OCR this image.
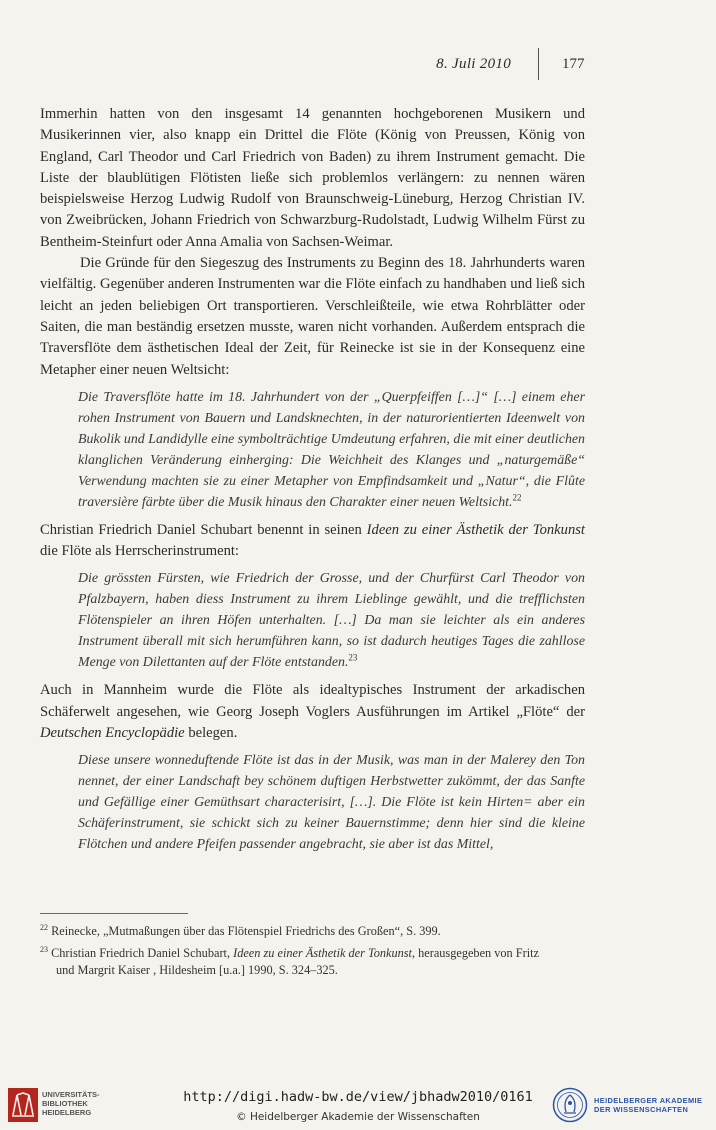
8. Juli 2010	177

Immerhin hatten von den insgesamt 14 genannten hochgeborenen Musikern und Musikerinnen vier, also knapp ein Drittel die Flöte (König von Preussen, König von England, Carl Theodor und Carl Friedrich von Baden) zu ihrem Instrument gemacht. Die Liste der blaublütigen Flötisten ließe sich problemlos verlängern: zu nennen wären beispielsweise Herzog Ludwig Rudolf von Braunschweig-Lüneburg, Herzog Christian IV. von Zweibrücken, Johann Friedrich von Schwarzburg-Rudolstadt, Ludwig Wilhelm Fürst zu Bentheim-Steinfurt oder Anna Amalia von Sachsen-Weimar.

Die Gründe für den Siegeszug des Instruments zu Beginn des 18. Jahrhunderts waren vielfältig. Gegenüber anderen Instrumenten war die Flöte einfach zu handhaben und ließ sich leicht an jeden beliebigen Ort transportieren. Verschleißteile, wie etwa Rohrblätter oder Saiten, die man beständig ersetzen musste, waren nicht vorhanden. Außerdem entsprach die Traversflöte dem ästhetischen Ideal der Zeit, für Reinecke ist sie in der Konsequenz eine Metapher einer neuen Weltsicht:

Die Traversflöte hatte im 18. Jahrhundert von der „Querpfeiffen […]“ […] einem eher rohen Instrument von Bauern und Landsknechten, in der naturorientierten Ideenwelt von Bukolik und Landidylle eine symbolträchtige Umdeutung erfahren, die mit einer deutlichen klanglichen Veränderung einherging: Die Weichheit des Klanges und „naturgemäße“ Verwendung machten sie zu einer Metapher von Empfindsamkeit und „Natur“, die Flûte traversière färbte über die Musik hinaus den Charakter einer neuen Weltsicht.$^{22}$

Christian Friedrich Daniel Schubart benennt in seinen Ideen zu einer Ästhetik der Tonkunst die Flöte als Herrscherinstrument:

Die grössten Fürsten, wie Friedrich der Grosse, und der Churfürst Carl Theodor von Pfalzbayern, haben diess Instrument zu ihrem Lieblinge gewählt, und die trefflichsten Flötenspieler an ihren Höfen unterhalten. […] Da man sie leichter als ein anderes Instrument überall mit sich herumführen kann, so ist dadurch heutiges Tages die zahllose Menge von Dilettanten auf der Flöte entstanden.$^{23}$

Auch in Mannheim wurde die Flöte als idealtypisches Instrument der arkadischen Schäferwelt angesehen, wie Georg Joseph Voglers Ausführungen im Artikel „Flöte“ der Deutschen Encyclopädie belegen.

Diese unsere wonneduftende Flöte ist das in der Musik, was man in der Malerey den Ton nennet, der einer Landschaft bey schönem duftigen Herbstwetter zukömmt, der das Sanfte und Gefällige einer Gemüthsart characterisirt, […]. Die Flöte ist kein Hirten= aber ein Schäferinstrument, sie schickt sich zu keiner Bauernstimme; denn hier sind die kleine Flötchen und andere Pfeifen passender angebracht, sie aber ist das Mittel,

$^{22}$ Reinecke, „Mutmaßungen über das Flötenspiel Friedrichs des Großen“, S. 399.

$^{23}$ Christian Friedrich Daniel Schubart, Ideen zu einer Ästhetik der Tonkunst, herausgegeben von Fritz

und Margrit Kaiser , Hildesheim [u.a.] 1990, S. 324–325.

UNIVERSITÄTS-
BIBLIOTHEK
HEIDELBERG
http://digi.hadw-bw.de/view/jbhadw2010/0161
© Heidelberger Akademie der Wissenschaften
HEIDELBERGER AKADEMIE
DER WISSENSCHAFTEN
